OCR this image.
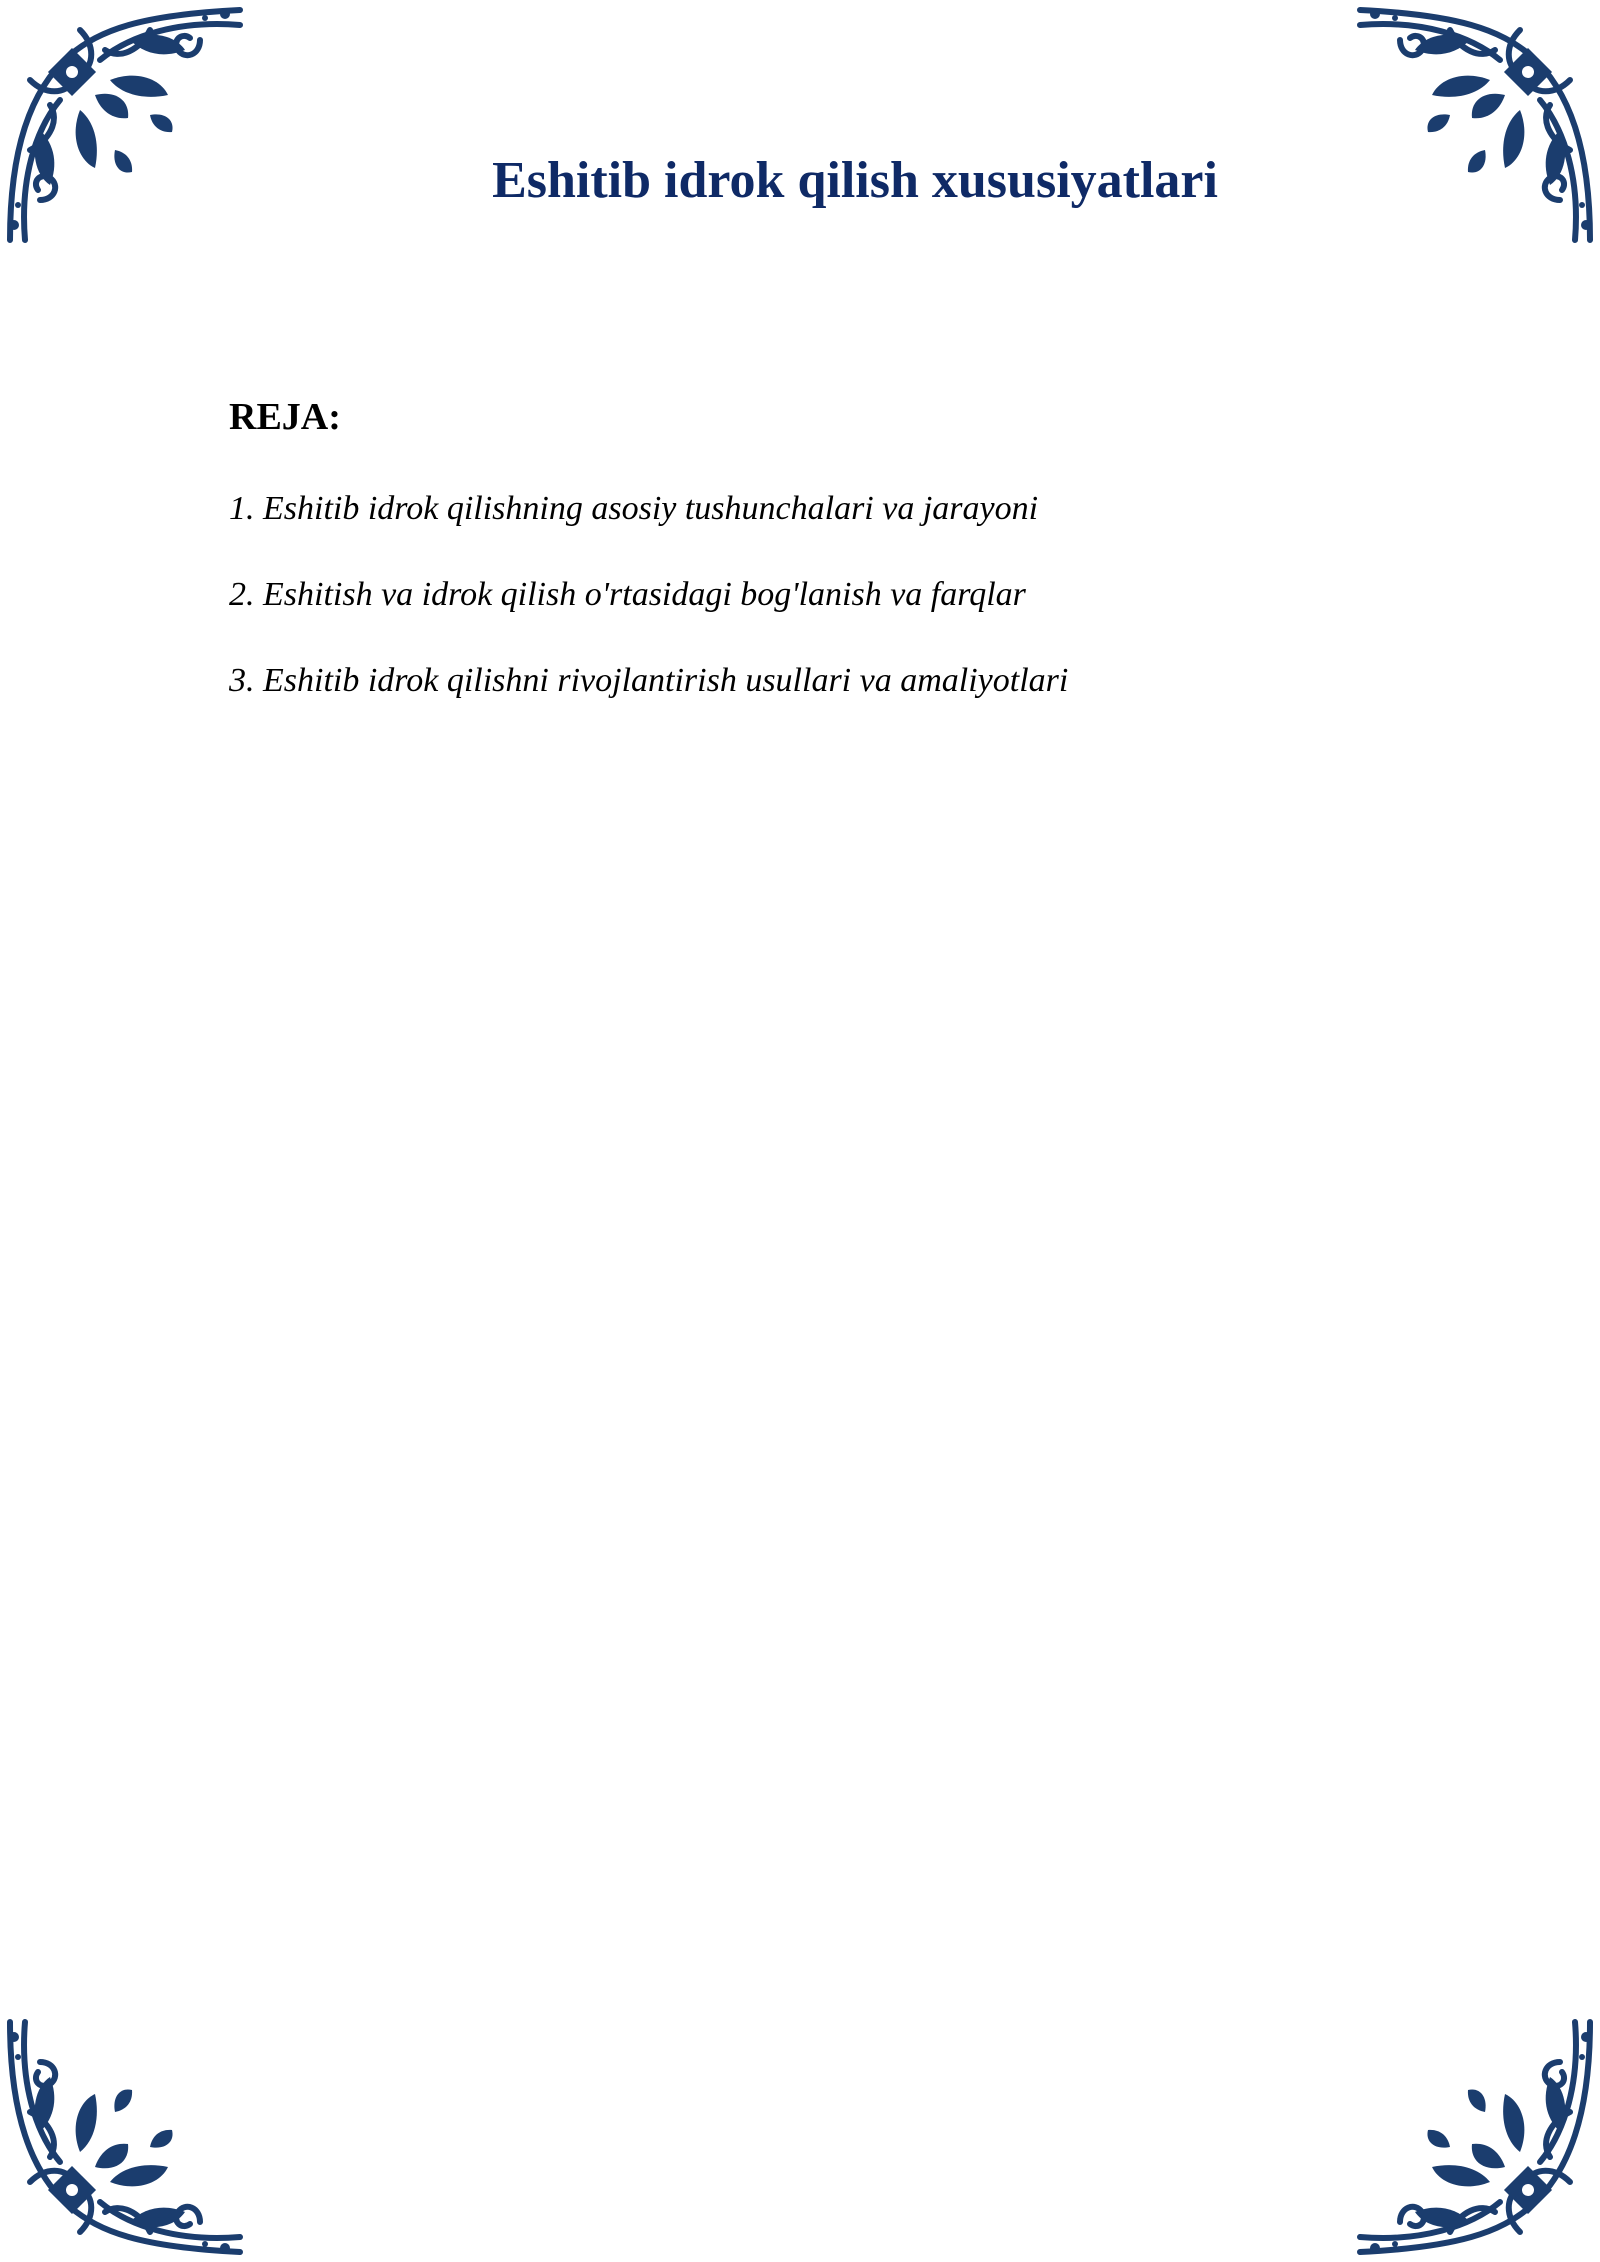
Eshitib idrok qilish xususiyatlari
REJA:
1. Eshitib idrok qilishning asosiy tushunchalari va jarayoni
2. Eshitish va idrok qilish o'rtasidagi bog'lanish va farqlar
3. Eshitib idrok qilishni rivojlantirish usullari va amaliyotlari
